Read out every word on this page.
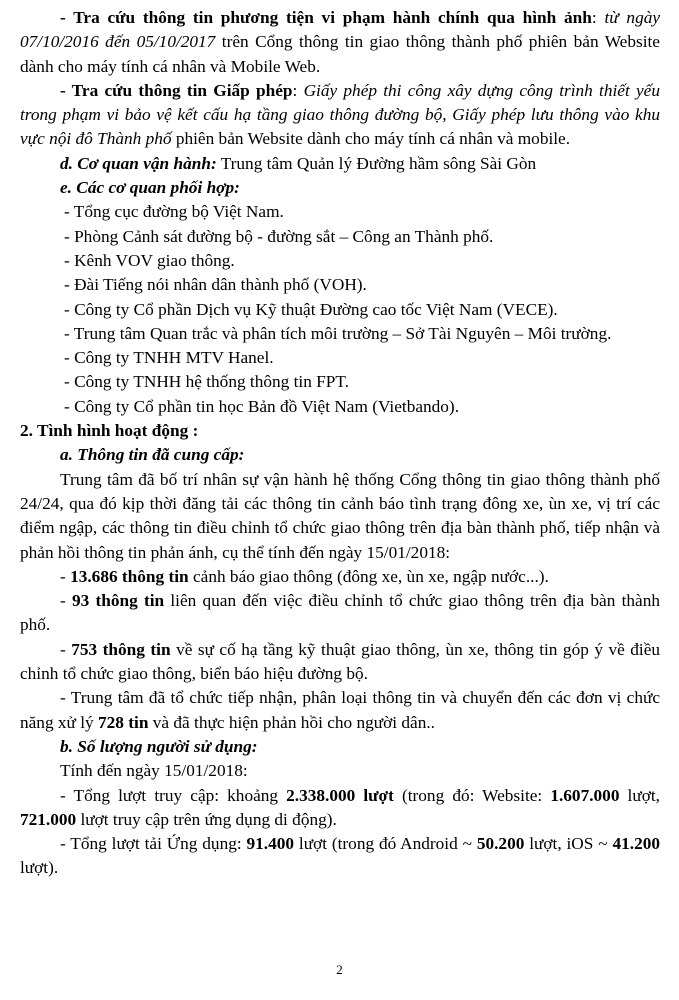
- Tra cứu thông tin phương tiện vi phạm hành chính qua hình ảnh: từ ngày 07/10/2016 đến 05/10/2017 trên Cổng thông tin giao thông thành phố phiên bản Website dành cho máy tính cá nhân và Mobile Web.

- Tra cứu thông tin Giấp phép: Giấy phép thi công xây dựng công trình thiết yếu trong phạm vi bảo vệ kết cấu hạ tầng giao thông đường bộ, Giấy phép lưu thông vào khu vực nội đô Thành phố phiên bản Website dành cho máy tính cá nhân và mobile.

d. Cơ quan vận hành: Trung tâm Quản lý Đường hầm sông Sài Gòn

e. Các cơ quan phối hợp:

- Tổng cục đường bộ Việt Nam.

- Phòng Cảnh sát đường bộ - đường sắt – Công an Thành phố.

- Kênh VOV giao thông.

- Đài Tiếng nói nhân dân thành phố (VOH).

- Công ty Cổ phần Dịch vụ Kỹ thuật Đường cao tốc Việt Nam (VECE).

- Trung tâm Quan trắc và phân tích môi trường – Sở Tài Nguyên – Môi trường.

- Công ty TNHH MTV Hanel.

- Công ty TNHH hệ thống thông tin FPT.

- Công ty Cổ phần tin học Bản đồ Việt Nam (Vietbando).

2. Tình hình hoạt động :

a. Thông tin đã cung cấp:

Trung tâm đã bố trí nhân sự vận hành hệ thống Cổng thông tin giao thông thành phố 24/24, qua đó kịp thời đăng tải các thông tin cảnh báo tình trạng đông xe, ùn xe, vị trí các điểm ngập, các thông tin điều chỉnh tổ chức giao thông trên địa bàn thành phố, tiếp nhận và phản hồi thông tin phản ánh, cụ thể tính đến ngày 15/01/2018:

- 13.686 thông tin cảnh báo giao thông (đông xe, ùn xe, ngập nước...).

- 93 thông tin liên quan đến việc điều chỉnh tổ chức giao thông trên địa bàn thành phố.

- 753 thông tin về sự cố hạ tầng kỹ thuật giao thông, ùn xe, thông tin góp ý về điều chỉnh tổ chức giao thông, biển báo hiệu đường bộ.

- Trung tâm đã tổ chức tiếp nhận, phân loại thông tin và chuyển đến các đơn vị chức năng xử lý 728 tin và đã thực hiện phản hồi cho người dân..

b. Số lượng người sử dụng:

Tính đến ngày 15/01/2018:

- Tổng lượt truy cập: khoảng 2.338.000 lượt (trong đó: Website: 1.607.000 lượt, 721.000 lượt truy cập trên ứng dụng di động).

- Tổng lượt tải Ứng dụng: 91.400 lượt (trong đó Android ~ 50.200 lượt, iOS ~ 41.200 lượt).

2
